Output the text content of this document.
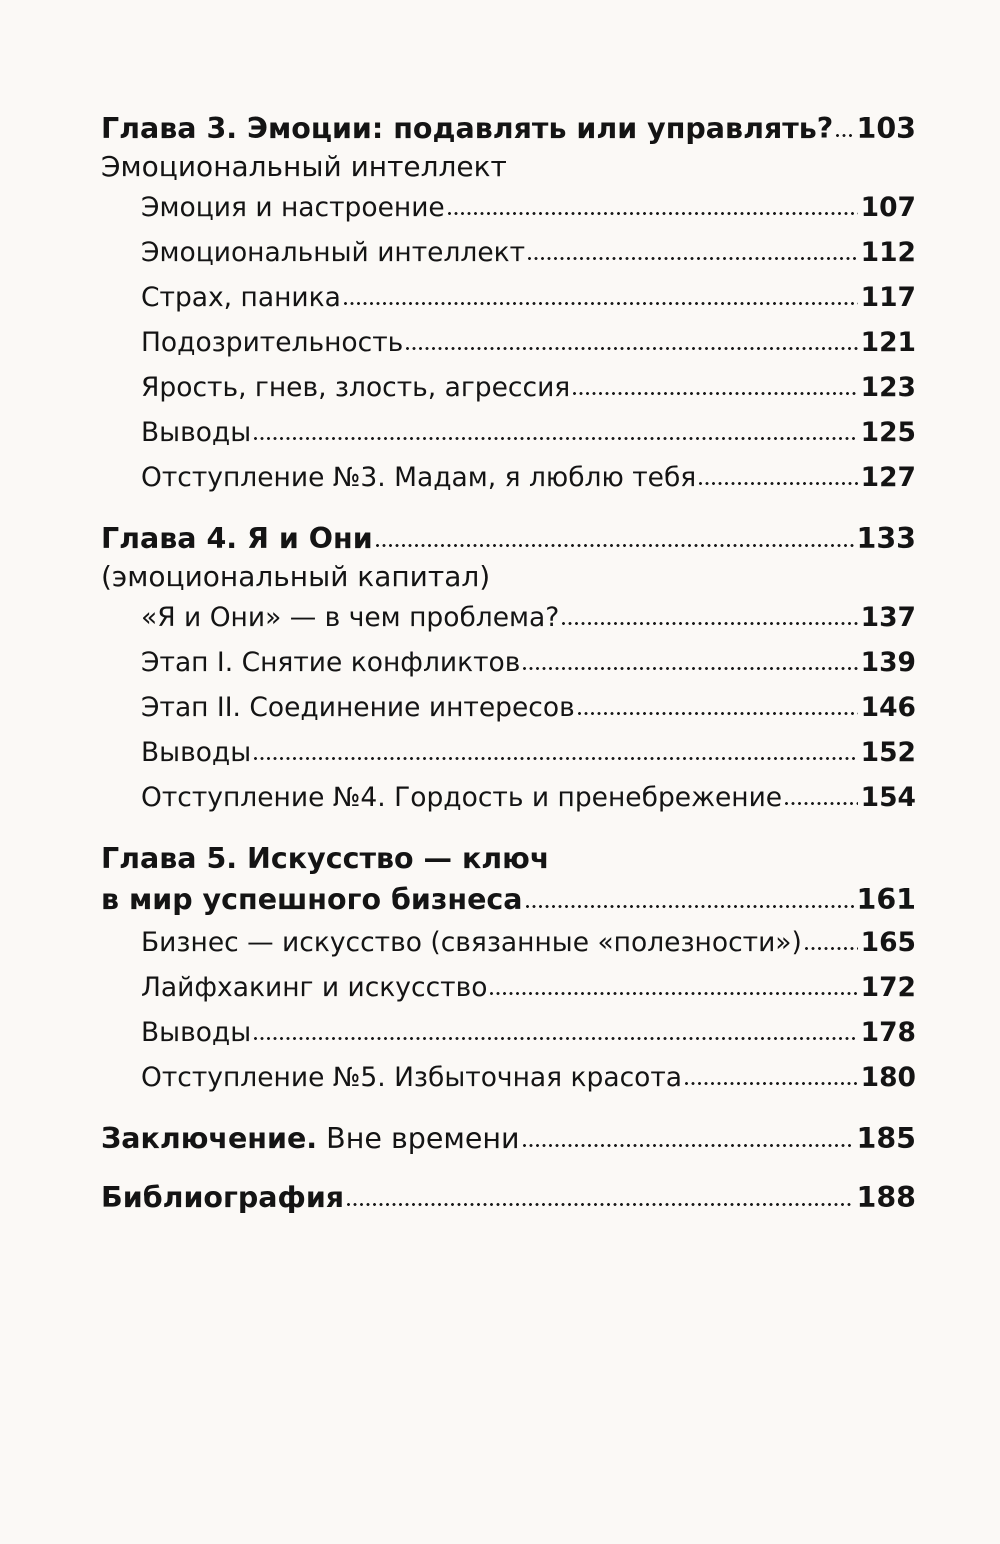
Глава 3. Эмоции: подавлять или управлять? 103
Эмоциональный интеллект
Эмоция и настроение	107
Эмоциональный интеллект	112
Страх, паника	117
Подозрительность	121
Ярость, гнев, злость, агрессия	123
Выводы	125
Отступление №3. Мадам, я люблю тебя	127
Глава 4. Я и Они	133
(эмоциональный капитал)
«Я и Они» — в чем проблема?	137
Этап I. Снятие конфликтов	139
Этап II. Соединение интересов	146
Выводы	152
Отступление №4. Гордость и пренебрежение	154
Глава 5. Искусство — ключ
в мир успешного бизнеса	161
Бизнес — искусство (связанные «полезности») 165
Лайфхакинг и искусство	172
Выводы	178
Отступление №5. Избыточная красота	180
Заключение. Вне времени	185
Библиография	188
